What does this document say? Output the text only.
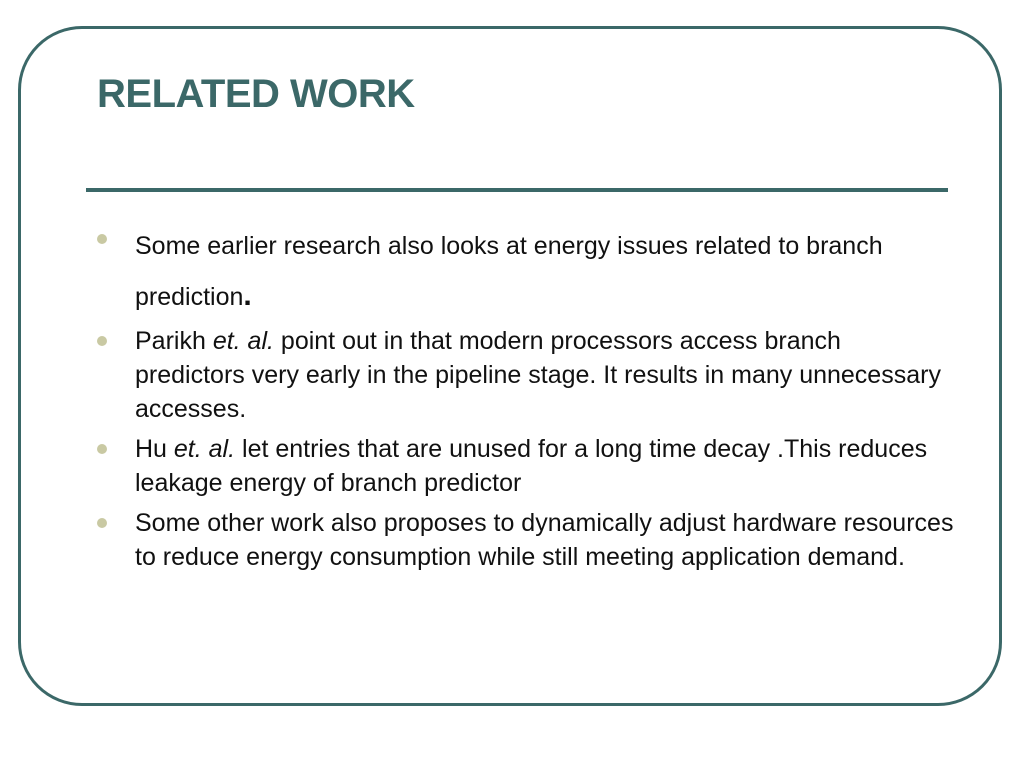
RELATED WORK
Some earlier research also looks at energy issues related to branch prediction.
Parikh et. al. point out in that modern processors access branch predictors very early in the pipeline stage. It results in many unnecessary accesses.
Hu et. al. let entries that are unused for a long time decay .This reduces leakage energy of branch predictor
Some other work also proposes to dynamically adjust hardware resources to reduce energy consumption while still meeting application demand.
